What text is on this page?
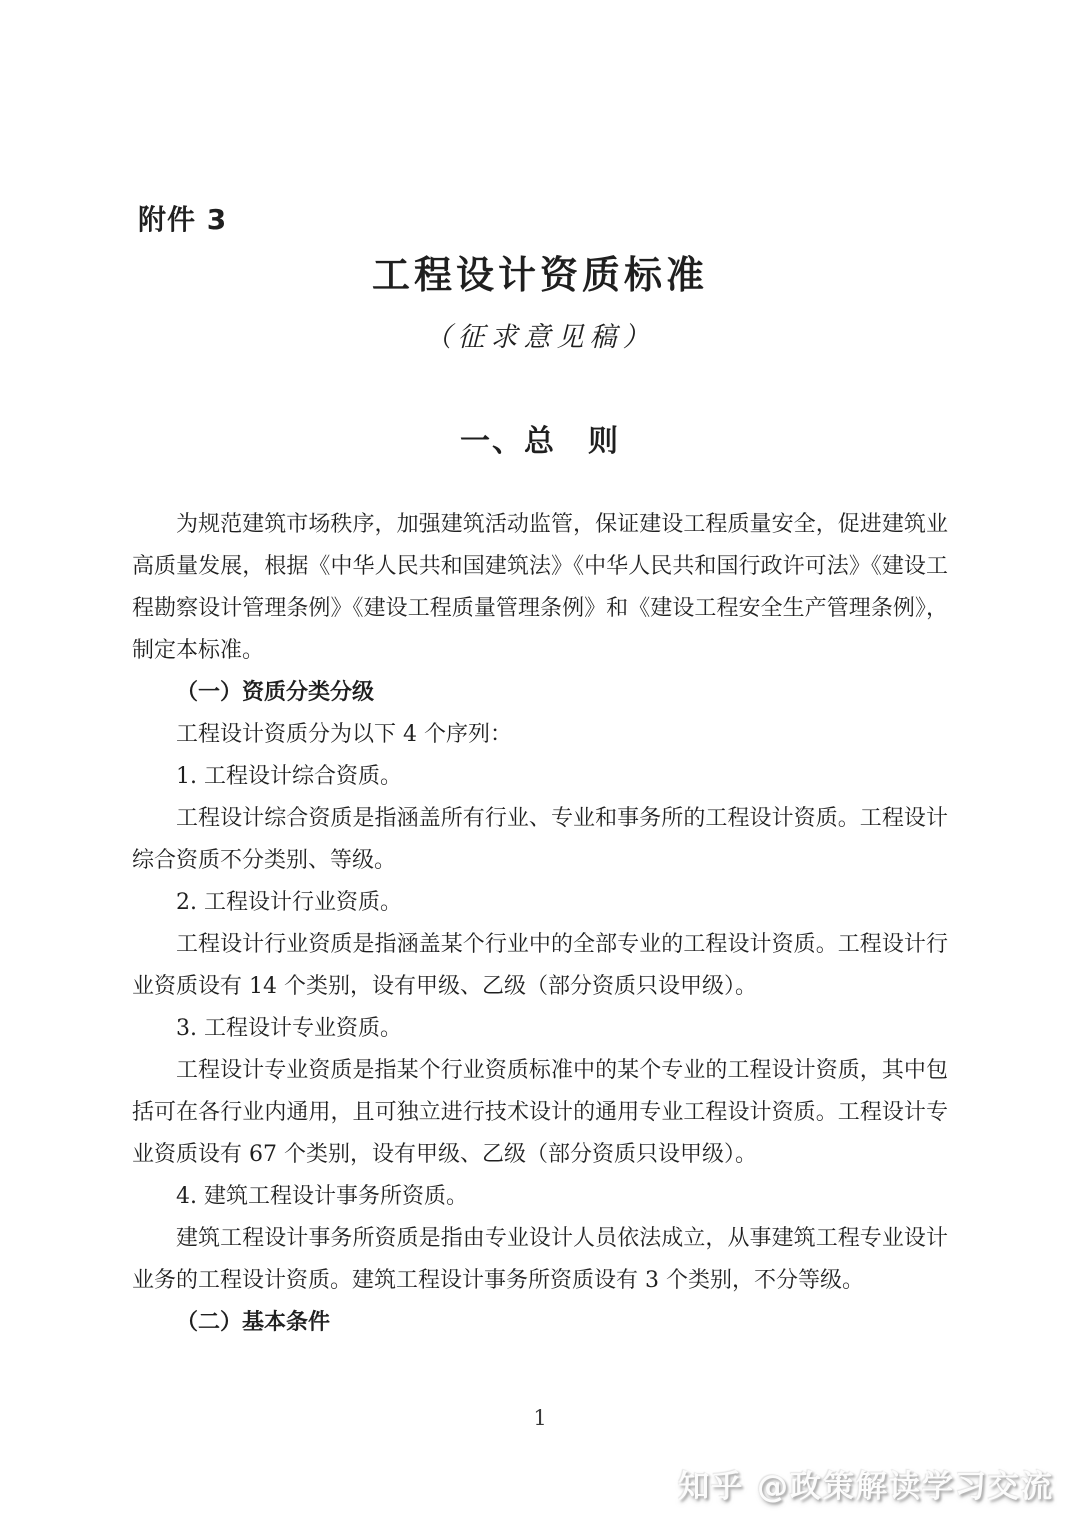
附件 3
工程设计资质标准
（征求意见稿）
一、总　则

为规范建筑市场秩序，加强建筑活动监管，保证建设工程质量安全，促进建筑业高质量发展，根据《中华人民共和国建筑法》《中华人民共和国行政许可法》《建设工程勘察设计管理条例》《建设工程质量管理条例》和《建设工程安全生产管理条例》，制定本标准。

（一）资质分类分级

工程设计资质分为以下 4 个序列：

1. 工程设计综合资质。

工程设计综合资质是指涵盖所有行业、专业和事务所的工程设计资质。工程设计综合资质不分类别、等级。

2. 工程设计行业资质。

工程设计行业资质是指涵盖某个行业中的全部专业的工程设计资质。工程设计行业资质设有 14 个类别，设有甲级、乙级（部分资质只设甲级）。

3. 工程设计专业资质。

工程设计专业资质是指某个行业资质标准中的某个专业的工程设计资质，其中包括可在各行业内通用，且可独立进行技术设计的通用专业工程设计资质。工程设计专业资质设有 67 个类别，设有甲级、乙级（部分资质只设甲级）。

4. 建筑工程设计事务所资质。

建筑工程设计事务所资质是指由专业设计人员依法成立，从事建筑工程专业设计业务的工程设计资质。建筑工程设计事务所资质设有 3 个类别，不分等级。

（二）基本条件

1
知乎 @政策解读学习交流
